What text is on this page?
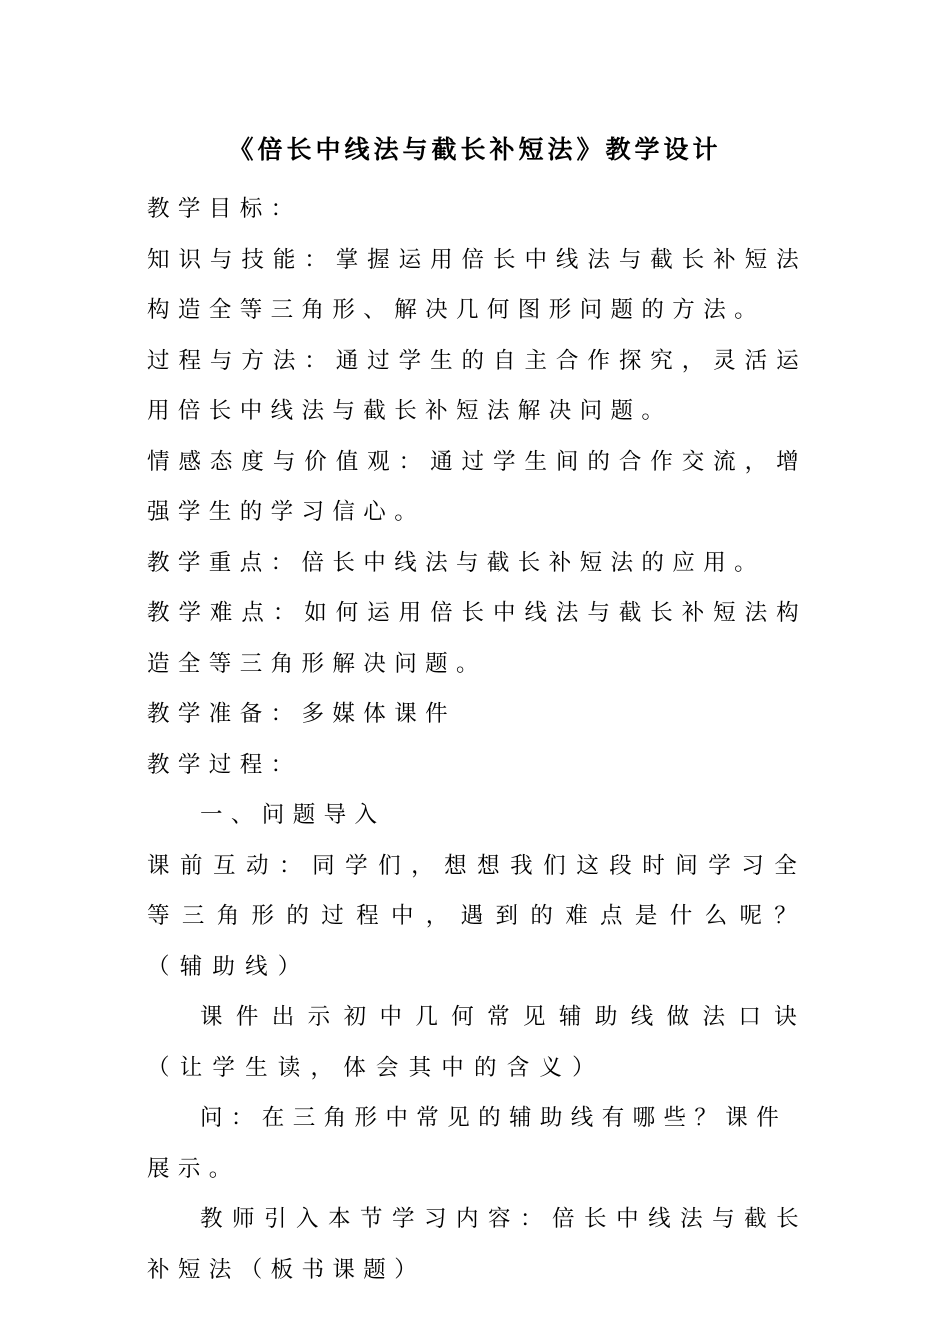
《倍长中线法与截长补短法》教学设计

教学目标：

知识与技能：掌握运用倍长中线法与截长补短法构造全等三角形、解决几何图形问题的方法。

过程与方法：通过学生的自主合作探究，灵活运用倍长中线法与截长补短法解决问题。

情感态度与价值观：通过学生间的合作交流，增强学生的学习信心。

教学重点：倍长中线法与截长补短法的应用。

教学难点：如何运用倍长中线法与截长补短法构造全等三角形解决问题。

教学准备：多媒体课件

教学过程：

一、问题导入

课前互动：同学们，想想我们这段时间学习全等三角形的过程中，遇到的难点是什么呢？（辅助线）

课件出示初中几何常见辅助线做法口诀（让学生读，体会其中的含义）

问：在三角形中常见的辅助线有哪些？课件展示。

教师引入本节学习内容：倍长中线法与截长补短法（板书课题）
